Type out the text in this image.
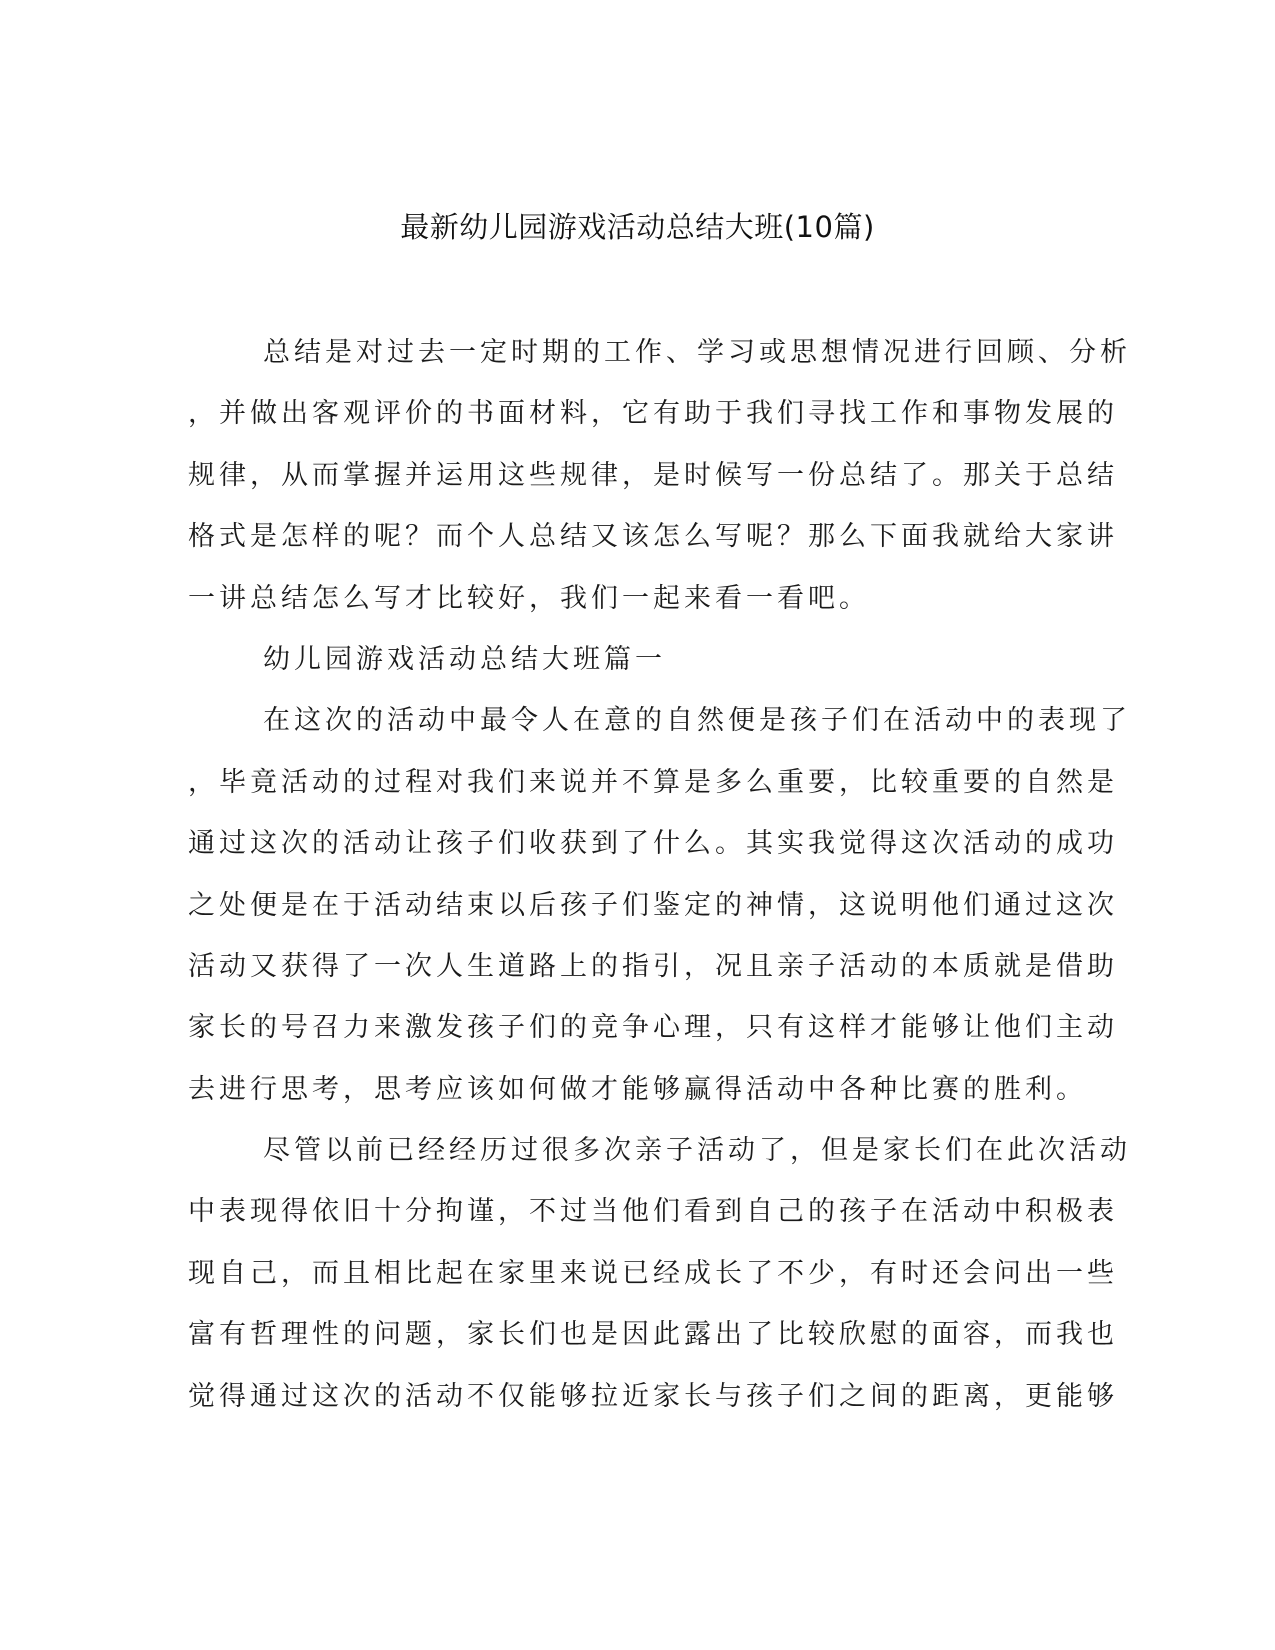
最新幼儿园游戏活动总结大班(10篇)
总结是对过去一定时期的工作、学习或思想情况进行回顾、分析
，并做出客观评价的书面材料，它有助于我们寻找工作和事物发展的
规律，从而掌握并运用这些规律，是时候写一份总结了。那关于总结
格式是怎样的呢？而个人总结又该怎么写呢？那么下面我就给大家讲
一讲总结怎么写才比较好，我们一起来看一看吧。
幼儿园游戏活动总结大班篇一
在这次的活动中最令人在意的自然便是孩子们在活动中的表现了
，毕竟活动的过程对我们来说并不算是多么重要，比较重要的自然是
通过这次的活动让孩子们收获到了什么。其实我觉得这次活动的成功
之处便是在于活动结束以后孩子们鉴定的神情，这说明他们通过这次
活动又获得了一次人生道路上的指引，况且亲子活动的本质就是借助
家长的号召力来激发孩子们的竞争心理，只有这样才能够让他们主动
去进行思考，思考应该如何做才能够赢得活动中各种比赛的胜利。
尽管以前已经经历过很多次亲子活动了，但是家长们在此次活动
中表现得依旧十分拘谨，不过当他们看到自己的孩子在活动中积极表
现自己，而且相比起在家里来说已经成长了不少，有时还会问出一些
富有哲理性的问题，家长们也是因此露出了比较欣慰的面容，而我也
觉得通过这次的活动不仅能够拉近家长与孩子们之间的距离，更能够
